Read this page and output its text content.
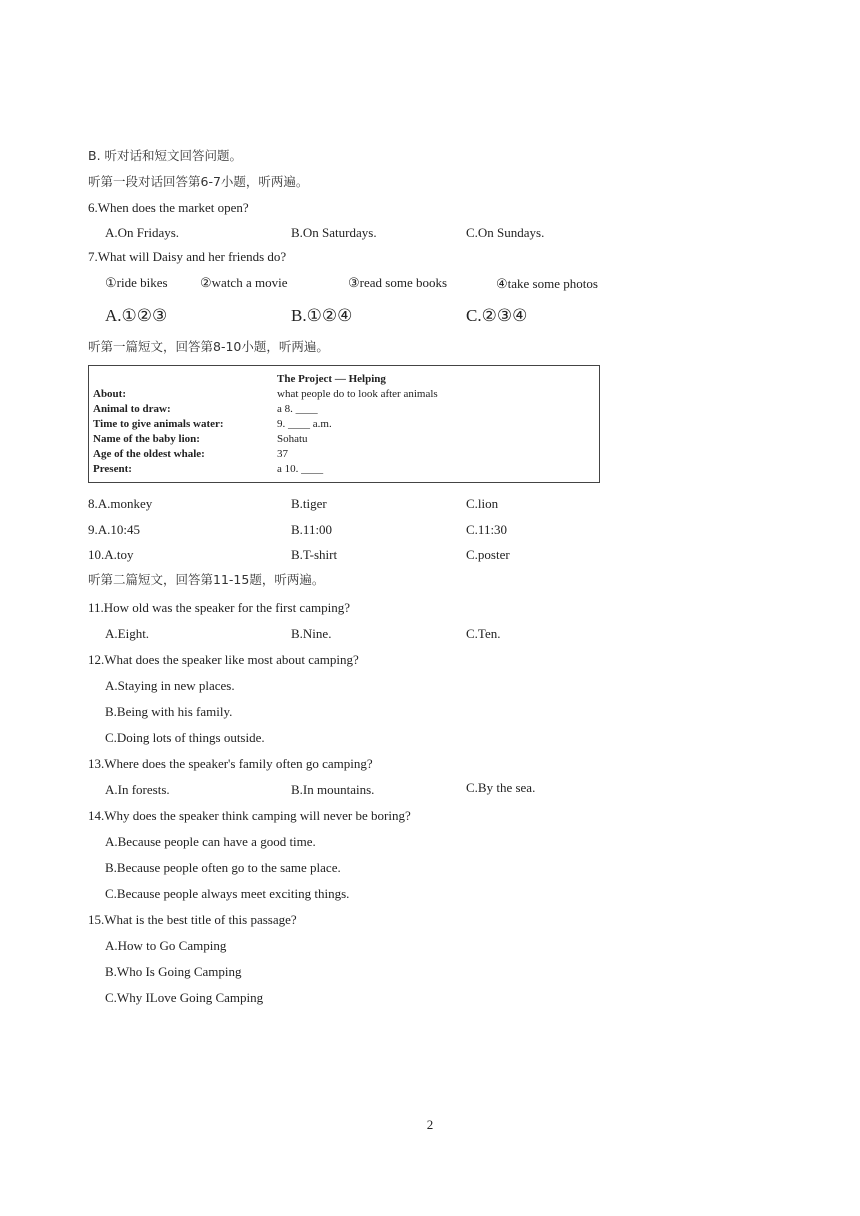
B. 听对话和短文回答问题。
听第一段对话回答第6-7小题，听两遍。
6.When does the market open?
A.On Fridays.	B.On Saturdays.	C.On Sundays.
7.What will Daisy and her friends do?
①ride bikes ②watch a movie	③read some books	④take some photos
A.①②③	B.①②④	C.②③④
听第一篇短文，回答第8-10小题，听两遍。
The Project — Helping
About:	what people do to look after animals
Animal to draw:	a 8. ____
Time to give animals water:	9. ____ a.m.
Name of the baby lion:	Sohatu
Age of the oldest whale:	37
Present:	a 10. ____
8.A.monkey	B.tiger	C.lion
9.A.10:45	B.11:00	C.11:30
10.A.toy	B.T-shirt	C.poster
听第二篇短文，回答第11-15题，听两遍。
11.How old was the speaker for the first camping?
A.Eight.	B.Nine.	C.Ten.
12.What does the speaker like most about camping?
A.Staying in new places.
B.Being with his family.
C.Doing lots of things outside.
13.Where does the speaker's family often go camping?
A.In forests.	B.In mountains.	C.By the sea.
14.Why does the speaker think camping will never be boring?
A.Because people can have a good time.
B.Because people often go to the same place.
C.Because people always meet exciting things.
15.What is the best title of this passage?
A.How to Go Camping
B.Who Is Going Camping
C.Why ILove Going Camping
2
